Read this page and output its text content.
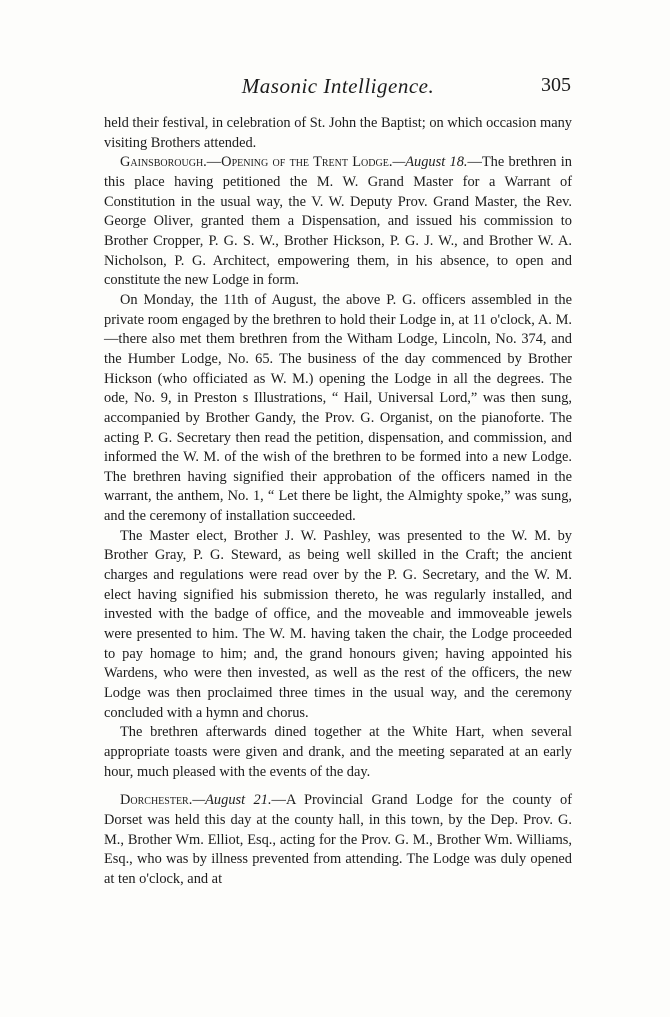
Masonic Intelligence.	305

held their festival, in celebration of St. John the Baptist; on which occasion many visiting Brothers attended.

Gainsborough.—Opening of the Trent Lodge.—August 18.—The brethren in this place having petitioned the M. W. Grand Master for a Warrant of Constitution in the usual way, the V. W. Deputy Prov. Grand Master, the Rev. George Oliver, granted them a Dispensation, and issued his commission to Brother Cropper, P. G. S. W., Brother Hickson, P. G. J. W., and Brother W. A. Nicholson, P. G. Architect, empowering them, in his absence, to open and constitute the new Lodge in form.

On Monday, the 11th of August, the above P. G. officers assembled in the private room engaged by the brethren to hold their Lodge in, at 11 o'clock, A. M.—there also met them brethren from the Witham Lodge, Lincoln, No. 374, and the Humber Lodge, No. 65. The business of the day commenced by Brother Hickson (who officiated as W. M.) opening the Lodge in all the degrees. The ode, No. 9, in Preston s Illustrations, “ Hail, Universal Lord,” was then sung, accompanied by Brother Gandy, the Prov. G. Organist, on the pianoforte. The acting P. G. Secretary then read the petition, dispensation, and commission, and informed the W. M. of the wish of the brethren to be formed into a new Lodge. The brethren having signified their approbation of the officers named in the warrant, the anthem, No. 1, “ Let there be light, the Almighty spoke,” was sung, and the ceremony of installation succeeded.

The Master elect, Brother J. W. Pashley, was presented to the W. M. by Brother Gray, P. G. Steward, as being well skilled in the Craft; the ancient charges and regulations were read over by the P. G. Secretary, and the W. M. elect having signified his submission thereto, he was regularly installed, and invested with the badge of office, and the moveable and immoveable jewels were presented to him. The W. M. having taken the chair, the Lodge proceeded to pay homage to him; and, the grand honours given; having appointed his Wardens, who were then invested, as well as the rest of the officers, the new Lodge was then proclaimed three times in the usual way, and the ceremony concluded with a hymn and chorus.

The brethren afterwards dined together at the White Hart, when several appropriate toasts were given and drank, and the meeting separated at an early hour, much pleased with the events of the day.

Dorchester.—August 21.—A Provincial Grand Lodge for the county of Dorset was held this day at the county hall, in this town, by the Dep. Prov. G. M., Brother Wm. Elliot, Esq., acting for the Prov. G. M., Brother Wm. Williams, Esq., who was by illness prevented from attending. The Lodge was duly opened at ten o'clock, and at
